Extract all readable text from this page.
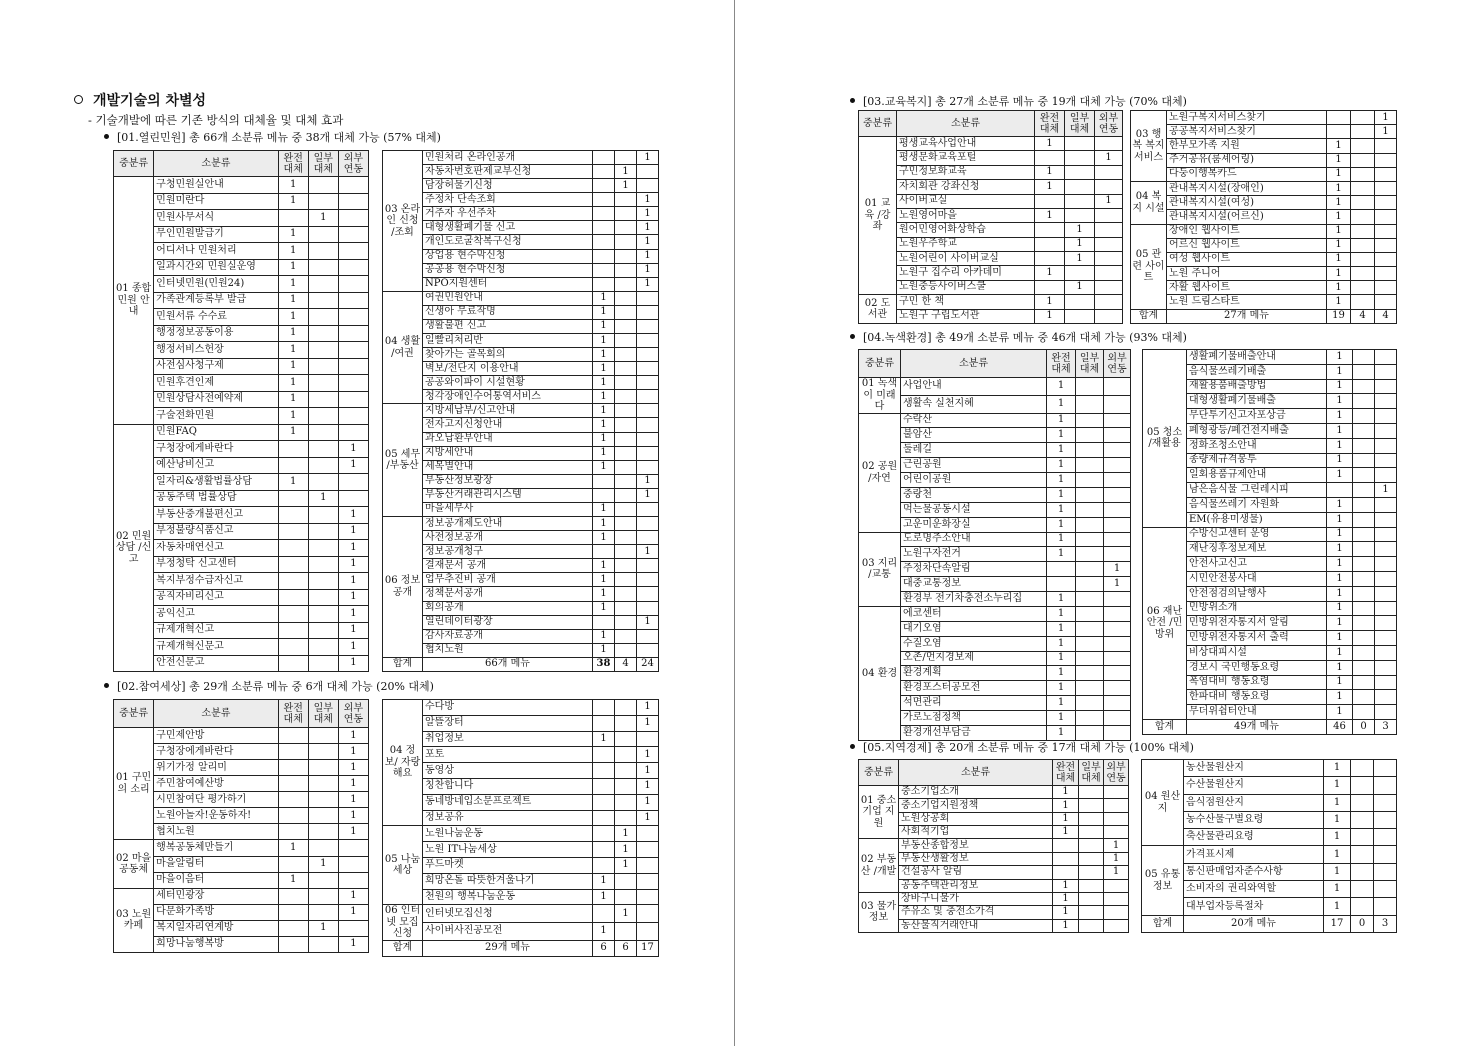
개발기술의 차별성
- 기술개발에 따른 기존 방식의 대체율 및 대체 효과
[01.열린민원] 총 66개 소분류 메뉴 중 38개 대체 가능 (57% 대체)
중분류	소분류	완전 대체	일부 대체	외부 연동
01 종합 민원 안내	구청민원실안내	1		
	민원미란다	1		
	민원사무서식		1	
	무인민원발급기	1		
	어디서나 민원처리	1		
	일과시간외 민원실운영	1		
	인터넷민원(민원24)	1		
	가족관계등록부 발급	1		
	민원서류 수수료	1		
	행정정보공동이용	1		
	행정서비스헌장	1		
	사전심사청구제	1		
	민원후견인제	1		
	민원상담사전예약제	1		
	구술전화민원	1		
02 민원 상담 /신고	민원FAQ	1		
	구청장에게바란다			1
	예산낭비신고			1
	일자리&생활법률상담	1		
	공동주택 법률상담		1	
	부동산중개불편신고			1
	부정불량식품신고			1
	자동차매연신고			1
	부정청탁 신고센터			1
	복지부정수급자신고			1
	공직자비리신고			1
	공익신고			1
	규제개혁신고			1
	규제개혁신문고			1
	안전신문고			1
03 온라인 신청 /조회	민원처리 온라인공개			1
	자동차번호판제교부신청		1	
	담장허물기신청		1	
	주정차 단속조회			1
	거주자 우선주차			1
	대형생활폐기물 신고			1
	개인도로굴착복구신청			1
	상업용 현수막신청			1
	공공용 현수막신청			1
	NPO지원센터			1
04 생활 /여권	여권민원안내	1		
	신생아 무료작명	1		
	생활불편 신고	1		
	일빨리처리반	1		
	찾아가는 골목회의	1		
	벽보/전단지 이용안내	1		
	공공와이파이 시설현황	1		
	청각장애인수어통역서비스	1		
05 세무 /부동산	지방세납부/신고안내	1		
	전자고지신청안내	1		
	과오납환부안내	1		
	지방세안내	1		
	세목별안내	1		
	부동산정보광장			1
	부동산거래관리시스템			1
	마을세무사	1		
06 정보 공개	정보공개제도안내	1		
	사전정보공개	1		
	정보공개청구			1
	결재문서 공개	1		
	업무추진비 공개	1		
	정책문서공개	1		
	회의공개	1		
	열린데이터광장			1
	감사자료공개	1		
	협치노원	1		
합계	66개 메뉴	38	4	24
[02.참여세상] 총 29개 소분류 메뉴 중 6개 대체 가능 (20% 대체)
중분류	소분류	완전 대체	일부 대체	외부 연동
01 구민의 소리	구민제안방			1
	구청장에게바란다			1
	위기가정 알리미			1
	주민참여예산방			1
	시민참여단 평가하기			1
	노원아놀자!운동하자!			1
	협치노원			1
02 마을 공동체	행복공동체만들기	1		
	마을알림터		1	
	마을이음터	1		
03 노원 카페	세터민광장			1
	다문화가족방			1
	복지일자리연계방		1	
	희망나눔행복방			1
04 정보/ 자랑 해요	수다방			1
	알뜰장터			1
	취업정보	1		
	포토			1
	동영상			1
	칭찬합니다			1
	동네방네입소문프로젝트			1
	정보공유			1
05 나눔 세상	노원나눔운동		1	
	노원 IT나눔세상		1	
	푸드마켓		1	
	희망온돌 따뜻한겨울나기	1		
	천원의 행복나눔운동	1		
06 인터넷 모집 신청	인터넷모집신청		1	
	사이버사진공모전	1		
합계	29개 메뉴	6	6	17
[03.교육복지] 총 27개 소분류 메뉴 중 19개 대체 가능 (70% 대체)
중분류	소분류	완전 대체	일부 대체	외부 연동
01 교육 /강좌	평생교육사업안내	1		
	평생문화교육포털			1
	구민정보화교육	1		
	자치회관 강좌신청	1		
	사이버교실			1
	노원영어마을	1		
	원어민영어화상학습		1	
	노원우주학교		1	
	노원어린이 사이버교실		1	
	노원구 집수리 아카데미	1		
	노원중등사이버스쿨		1	
02 도서관	구민 한 책	1		
	노원구 구립도서관	1		
03 행복 복지 서비스	노원구복지서비스찾기			1
	공공복지서비스찾기			1
	한부모가족 지원	1		
	주거공유(룸셰어링)	1		
	다둥이행복카드	1		
04 복지 시설	관내복지시설(장애인)	1		
	관내복지시설(여성)	1		
	관내복지시설(어르신)	1		
05 관련 사이트	장애인 웹사이트	1		
	어르신 웹사이트	1		
	여성 웹사이트	1		
	노원 주니어	1		
	자활 웹사이트	1		
	노원 드림스타트	1		
합계	27개 메뉴	19	4	4
[04.녹색환경] 총 49개 소분류 메뉴 중 46개 대체 가능 (93% 대체)
중분류	소분류	완전 대체	일부 대체	외부 연동
01 녹색이 미래다	사업안내	1		
	생활속 실천지혜	1		
02 공원 /자연	수락산	1		
	불암산	1		
	둘레길	1		
	근린공원	1		
	어린이공원	1		
	중랑천	1		
	먹는물공동시설	1		
	고운미운화장실	1		
03 지리 /교통	도로명주소안내	1		
	노원구자전거	1		
	주정차단속알림			1
	대중교통정보			1
	환경부 전기차충전소누리집	1		
04 환경	에코센터	1		
	대기오염	1		
	수질오염	1		
	오존/먼지경보제	1		
	환경계획	1		
	환경포스터공모전	1		
	석면관리	1		
	가로노점정책	1		
	환경개선부담금	1		
05 청소 /재활용	생활폐기물배출안내	1		
	음식물쓰레기배출	1		
	재활용품배출방법	1		
	대형생활폐기물배출	1		
	무단투기신고자포상금	1		
	폐형광등/폐건전지배출	1		
	정화조청소안내	1		
	종량제규격봉투	1		
	일회용품규제안내	1		
	남은음식물 그린레시피			1
	음식물쓰레기 자원화	1		
	EM(유용미생물)	1		
06 재난 안전 /민방위	수방신고센터 운영	1		
	재난징후정보제보	1		
	안전사고신고	1		
	시민안전봉사대	1		
	안전점검의날행사	1		
	민방위소개	1		
	민방위전자통지서 알림	1		
	민방위전자통지서 출력	1		
	비상대피시설	1		
	경보시 국민행동요령	1		
	폭염대비 행동요령	1		
	한파대비 행동요령	1		
	무더위쉼터안내	1		
합계	49개 메뉴	46	0	3
[05.지역경제] 총 20개 소분류 메뉴 중 17개 대체 가능 (100% 대체)
중분류	소분류	완전 대체	일부 대체	외부 연동
01 중소 기업 지원	중소기업소개	1		
	중소기업지원정책	1		
	노원상공회	1		
	사회적기업	1		
02 부동산 /개발	부동산종합정보			1
	부동산생활정보			1
	건설공사 알림			1
	공동주택관리정보	1		
03 물가 정보	장바구니물가	1		
	주유소 및 충전소가격	1		
	농산물직거래안내	1		
04 원산지	농산물원산지	1		
	수산물원산지	1		
	음식점원산지	1		
	농수산물구별요령	1		
	축산물관리요령	1		
05 유통 정보	가격표시제	1		
	통신판매업자준수사항	1		
	소비자의 권리와역할	1		
	대부업자등록절차	1		
합계	20개 메뉴	17	0	3
